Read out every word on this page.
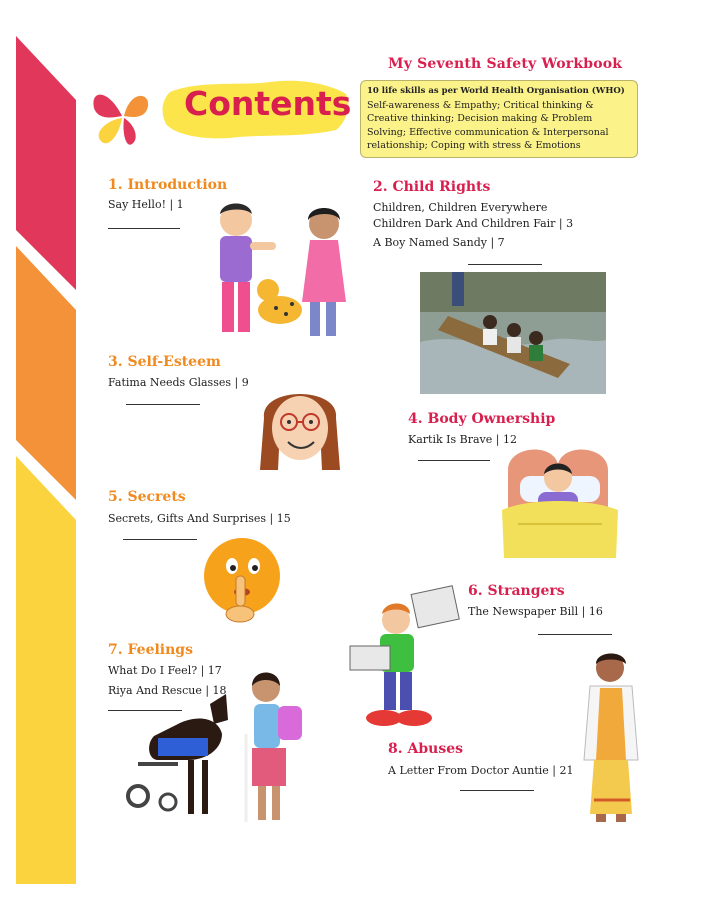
Contents
My Seventh Safety Workbook
10 life skills as per World Health Organisation (WHO)
Self-awareness & Empathy; Critical thinking &
Creative thinking; Decision making & Problem
Solving; Effective communication & Interpersonal
relationship; Coping with stress & Emotions
1. Introduction
Say Hello! | 1
2. Child Rights
Children, Children Everywhere
Children Dark And Children Fair | 3
A Boy Named Sandy | 7
3. Self-Esteem
Fatima Needs Glasses | 9
4. Body Ownership
Kartik Is Brave | 12
5. Secrets
Secrets, Gifts And Surprises | 15
6. Strangers
The Newspaper Bill | 16
7. Feelings
What Do I Feel? | 17
Riya And Rescue | 18
8. Abuses
A Letter From Doctor Auntie | 21
